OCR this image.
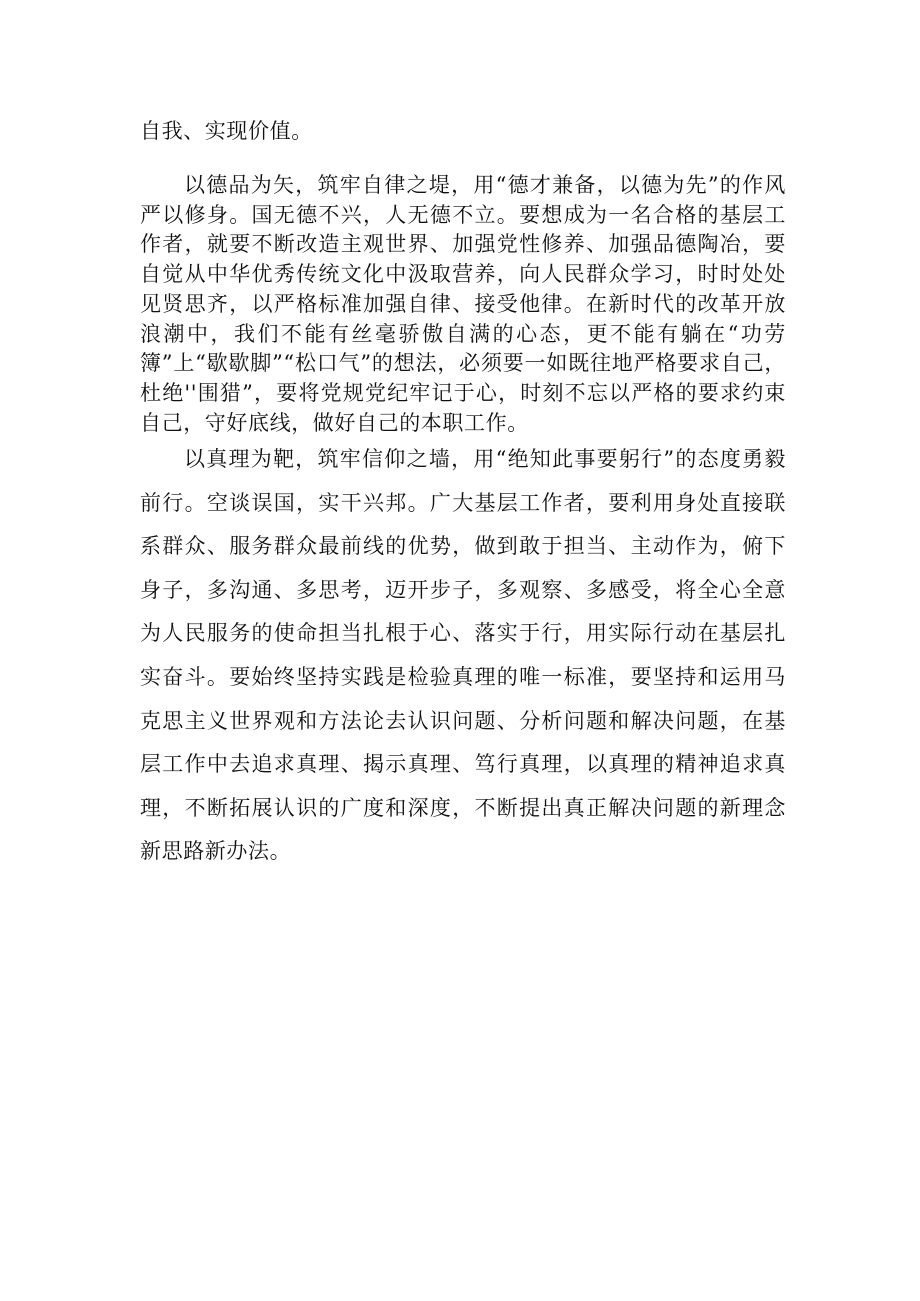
自我、实现价值。

以德品为矢，筑牢自律之堤，用“德才兼备，以德为先”的作风严以修身。国无德不兴，人无德不立。要想成为一名合格的基层工作者，就要不断改造主观世界、加强党性修养、加强品德陶冶，要自觉从中华优秀传统文化中汲取营养，向人民群众学习，时时处处见贤思齐，以严格标准加强自律、接受他律。在新时代的改革开放浪潮中，我们不能有丝毫骄傲自满的心态，更不能有躺在“功劳簿”上“歇歇脚”“松口气”的想法，必须要一如既往地严格要求自己，杜绝''围猎”，要将党规党纪牢记于心，时刻不忘以严格的要求约束自己，守好底线，做好自己的本职工作。

以真理为靶，筑牢信仰之墙，用“绝知此事要躬行”的态度勇毅前行。空谈误国，实干兴邦。广大基层工作者，要利用身处直接联系群众、服务群众最前线的优势，做到敢于担当、主动作为，俯下身子，多沟通、多思考，迈开步子，多观察、多感受，将全心全意为人民服务的使命担当扎根于心、落实于行，用实际行动在基层扎实奋斗。要始终坚持实践是检验真理的唯一标准，要坚持和运用马克思主义世界观和方法论去认识问题、分析问题和解决问题，在基层工作中去追求真理、揭示真理、笃行真理，以真理的精神追求真理，不断拓展认识的广度和深度，不断提出真正解决问题的新理念新思路新办法。
